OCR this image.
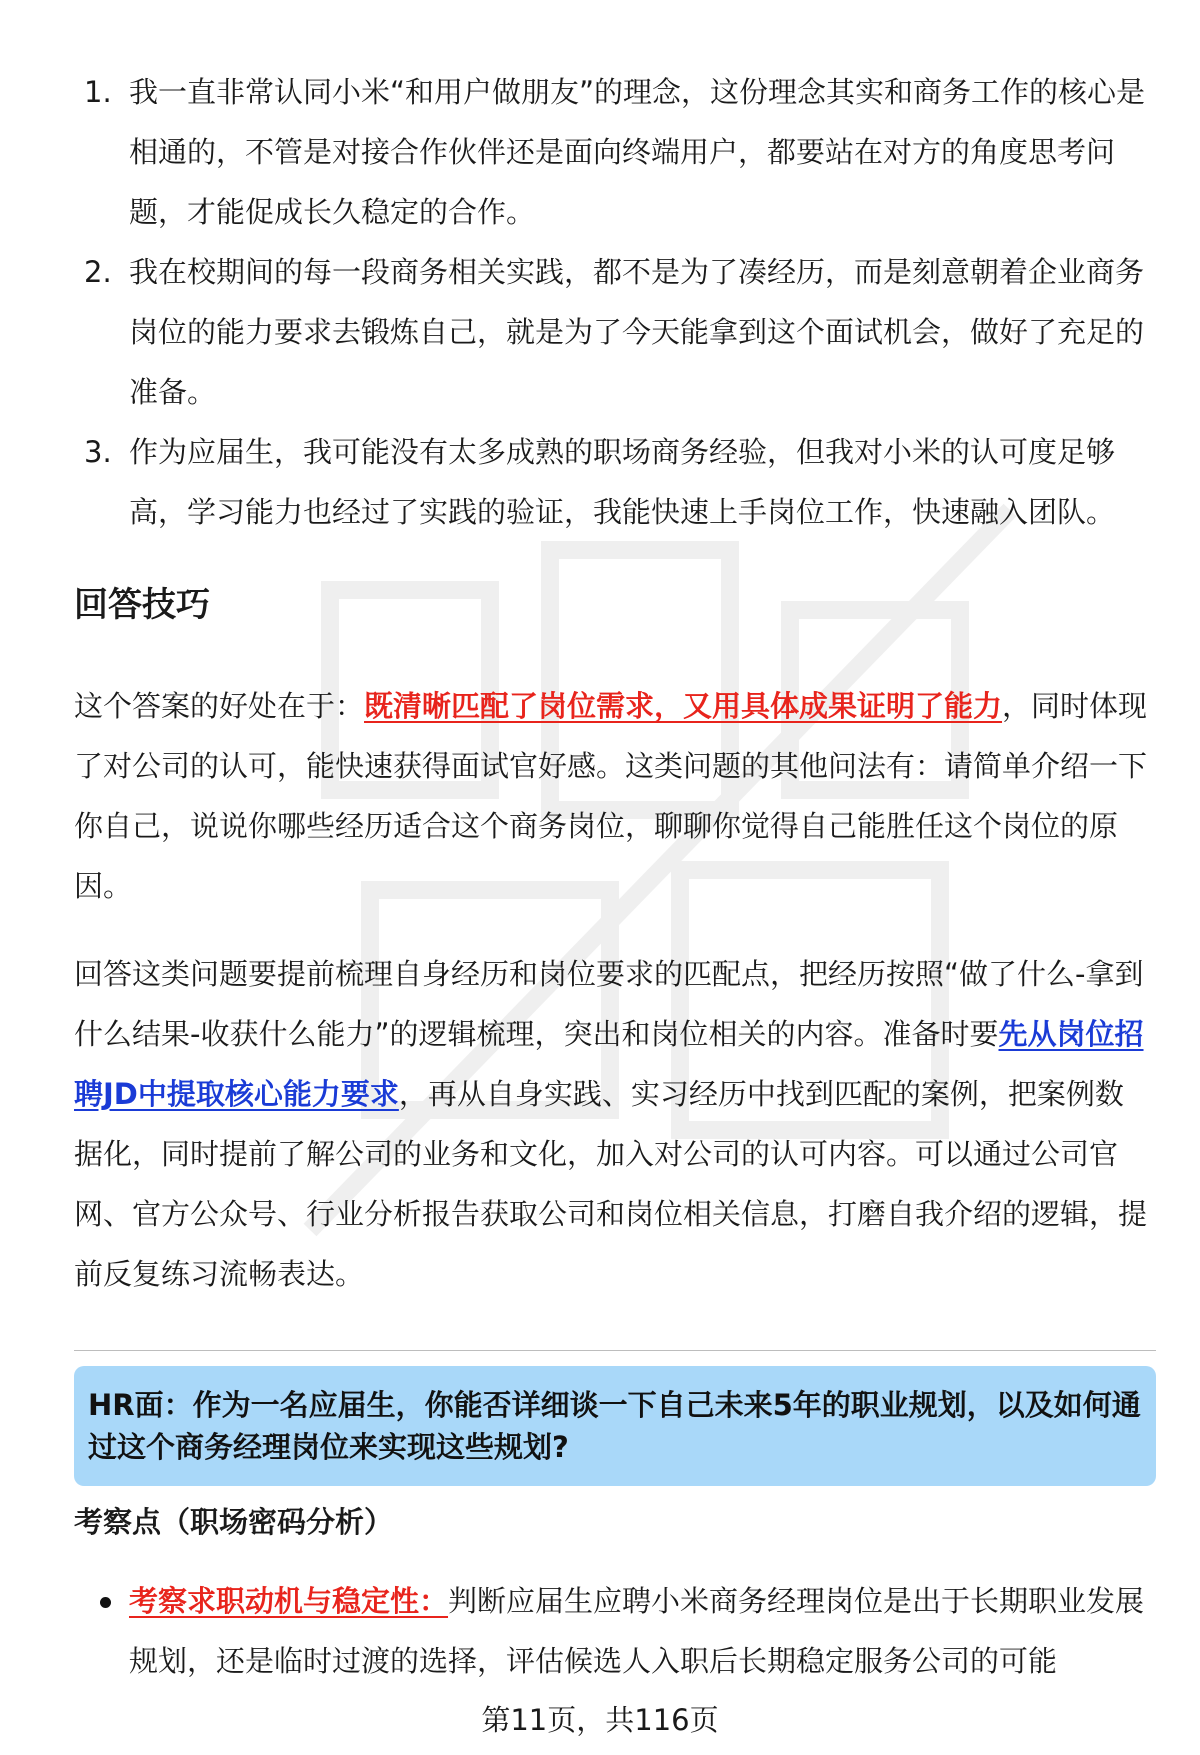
1. 我一直非常认同小米“和用户做朋友”的理念，这份理念其实和商务工作的核心是相通的，不管是对接合作伙伴还是面向终端用户，都要站在对方的角度思考问题，才能促成长久稳定的合作。

2. 我在校期间的每一段商务相关实践，都不是为了凑经历，而是刻意朝着企业商务岗位的能力要求去锻炼自己，就是为了今天能拿到这个面试机会，做好了充足的准备。

3. 作为应届生，我可能没有太多成熟的职场商务经验，但我对小米的认可度足够高，学习能力也经过了实践的验证，我能快速上手岗位工作，快速融入团队。

回答技巧

这个答案的好处在于：既清晰匹配了岗位需求，又用具体成果证明了能力，同时体现了对公司的认可，能快速获得面试官好感。这类问题的其他问法有：请简单介绍一下你自己，说说你哪些经历适合这个商务岗位，聊聊你觉得自己能胜任这个岗位的原因。

回答这类问题要提前梳理自身经历和岗位要求的匹配点，把经历按照“做了什么-拿到什么结果-收获什么能力”的逻辑梳理，突出和岗位相关的内容。准备时要先从岗位招聘JD中提取核心能力要求，再从自身实践、实习经历中找到匹配的案例，把案例数据化，同时提前了解公司的业务和文化，加入对公司的认可内容。可以通过公司官网、官方公众号、行业分析报告获取公司和岗位相关信息，打磨自我介绍的逻辑，提前反复练习流畅表达。

HR面：作为一名应届生，你能否详细谈一下自己未来5年的职业规划，以及如何通过这个商务经理岗位来实现这些规划?

考察点（职场密码分析）

考察求职动机与稳定性：判断应届生应聘小米商务经理岗位是出于长期职业发展规划，还是临时过渡的选择，评估候选人入职后长期稳定服务公司的可能

第11页，共116页
